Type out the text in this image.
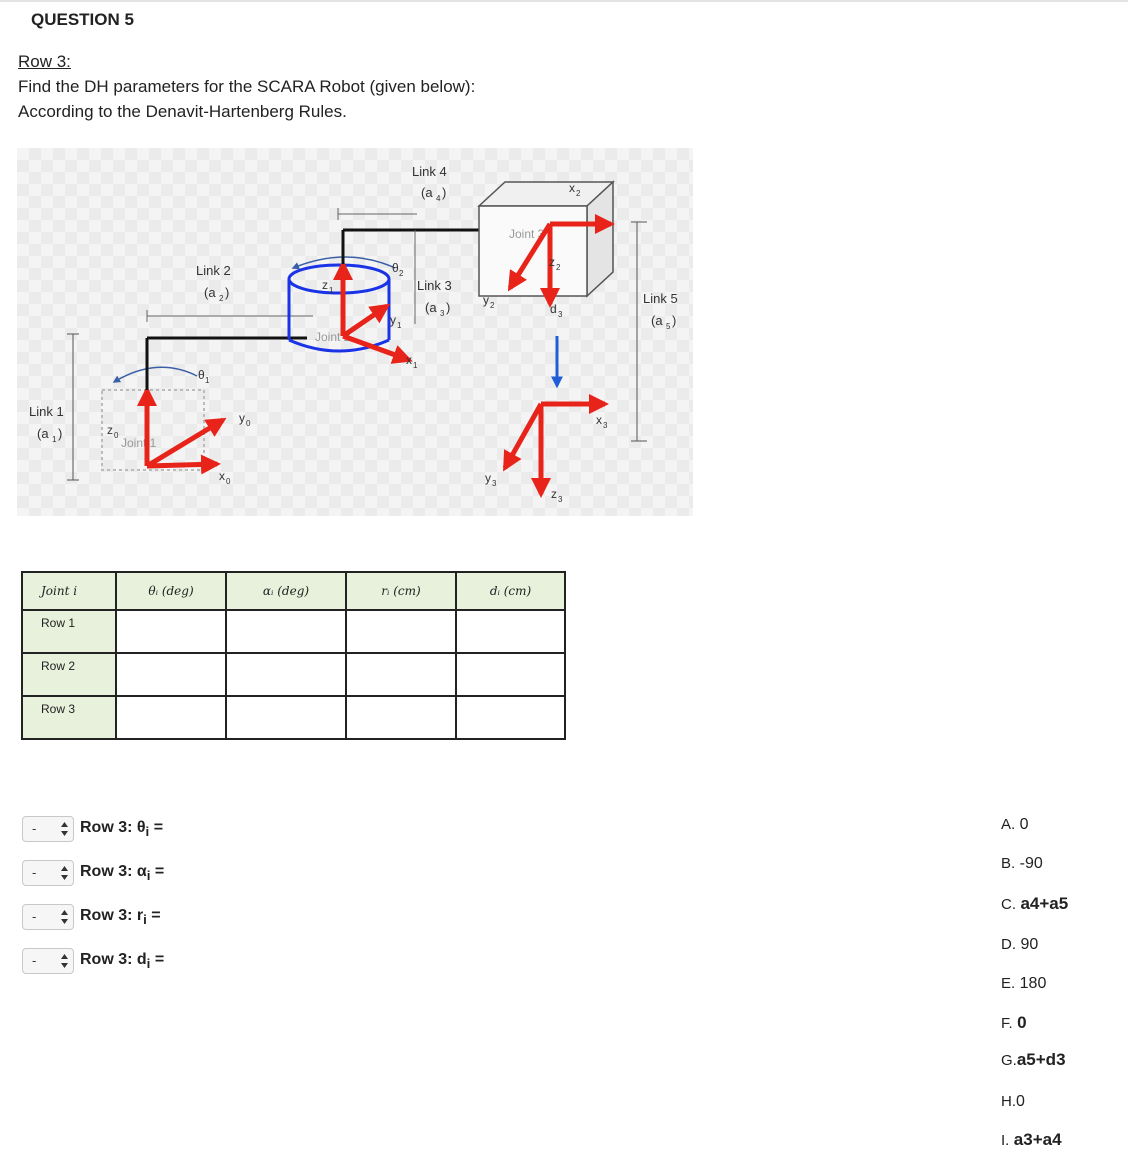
QUESTION 5
Row 3:
Find the DH parameters for the SCARA Robot (given below):
According to the Denavit-Hartenberg Rules.
Link 1
(a 1 )
Joint 1
z 0
y 0
x 0
θ 1
Link 2
(a 2 )
Joint 2
z 1
y 1
x 1
θ 2
Link 3
(a 3 )
Link 4
(a 4 )
Joint 3
x 2
z 2
y 2	d 3
x 3
y 3
z 3
Link 5
(a 5 )
Joint i	θᵢ (deg)	αᵢ (deg)	rᵢ (cm)	dᵢ (cm)
Row 1				
Row 2				
Row 3				
-	Row 3: $\theta_i$ =
-	Row 3: $\alpha_i$ =
-	Row 3: $r_i$ =
-	Row 3: $d_i$ =
A. 0
B. -90
C. a4+a5
D. 90
E. 180
F. 0
G.a5+d3
H.0
I. a3+a4
